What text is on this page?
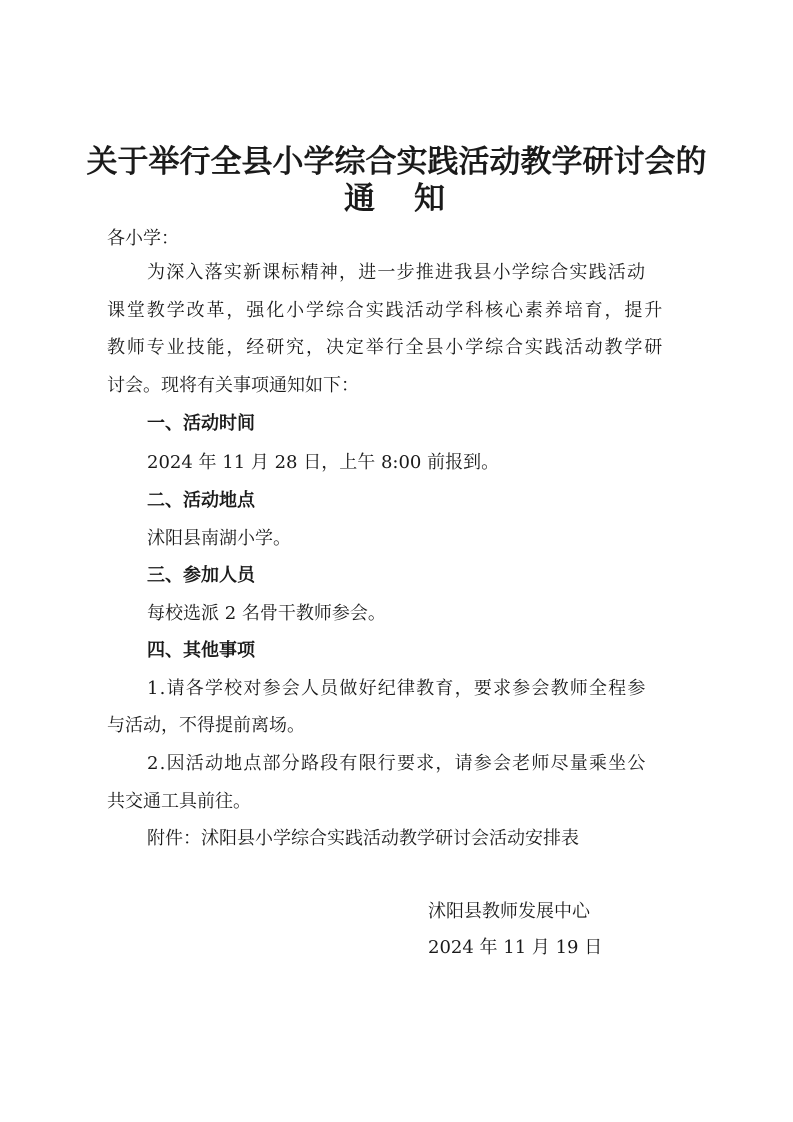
关于举行全县小学综合实践活动教学研讨会的
通　知
各小学：
为深入落实新课标精神，进一步推进我县小学综合实践活动
课堂教学改革，强化小学综合实践活动学科核心素养培育，提升
教师专业技能，经研究，决定举行全县小学综合实践活动教学研
讨会。现将有关事项通知如下：
一、活动时间
2024 年 11 月 28 日，上午 8:00 前报到。
二、活动地点
沭阳县南湖小学。
三、参加人员
每校选派 2 名骨干教师参会。
四、其他事项
1.请各学校对参会人员做好纪律教育，要求参会教师全程参
与活动，不得提前离场。
2.因活动地点部分路段有限行要求，请参会老师尽量乘坐公
共交通工具前往。
附件：沭阳县小学综合实践活动教学研讨会活动安排表
沭阳县教师发展中心
2024 年 11 月 19 日
